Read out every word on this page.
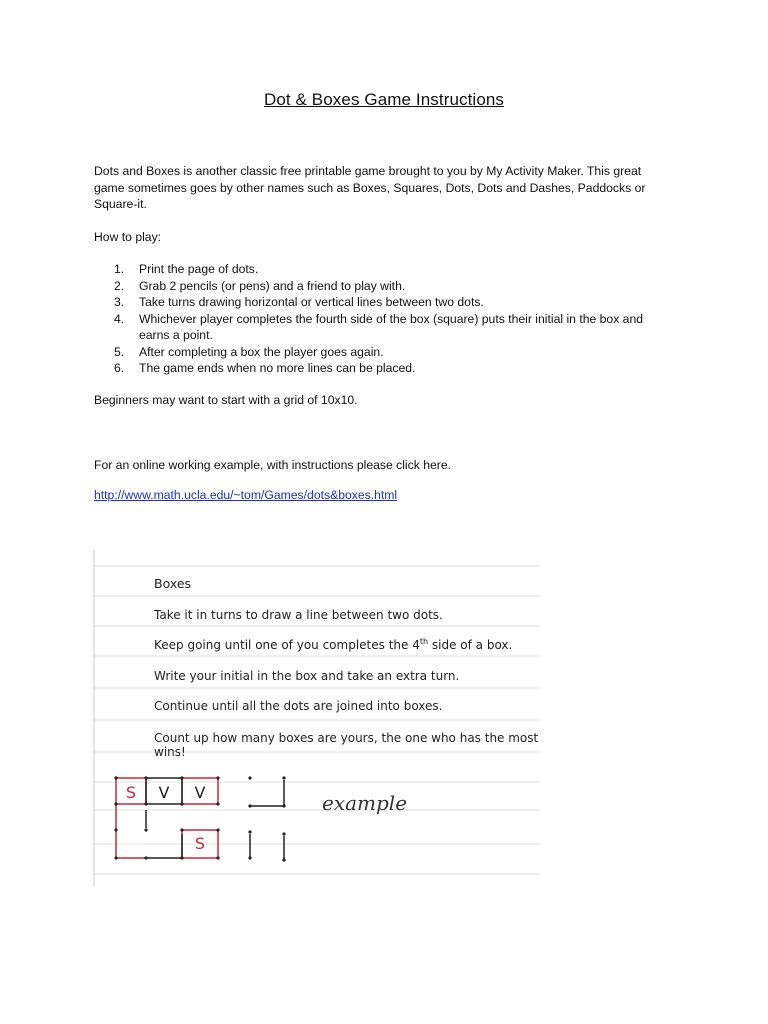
Dot & Boxes Game Instructions

Dots and Boxes is another classic free printable game brought to you by My Activity Maker. This great game sometimes goes by other names such as Boxes, Squares, Dots, Dots and Dashes, Paddocks or Square-it.

How to play:
1. Print the page of dots.
2. Grab 2 pencils (or pens) and a friend to play with.
3. Take turns drawing horizontal or vertical lines between two dots.
4. Whichever player completes the fourth side of the box (square) puts their initial in the box and earns a point.
5. After completing a box the player goes again.
6. The game ends when no more lines can be placed.
Beginners may want to start with a grid of 10x10.
For an online working example, with instructions please click here.
http://www.math.ucla.edu/~tom/Games/dots&boxes.html
S
S
V V	example
Boxes
Take it in turns to draw a line between two dots.
Keep going until one of you completes the 4th side of a box.
Write your initial in the box and take an extra turn.
Continue until all the dots are joined into boxes.
Count up how many boxes are yours, the one who has the most wins!
